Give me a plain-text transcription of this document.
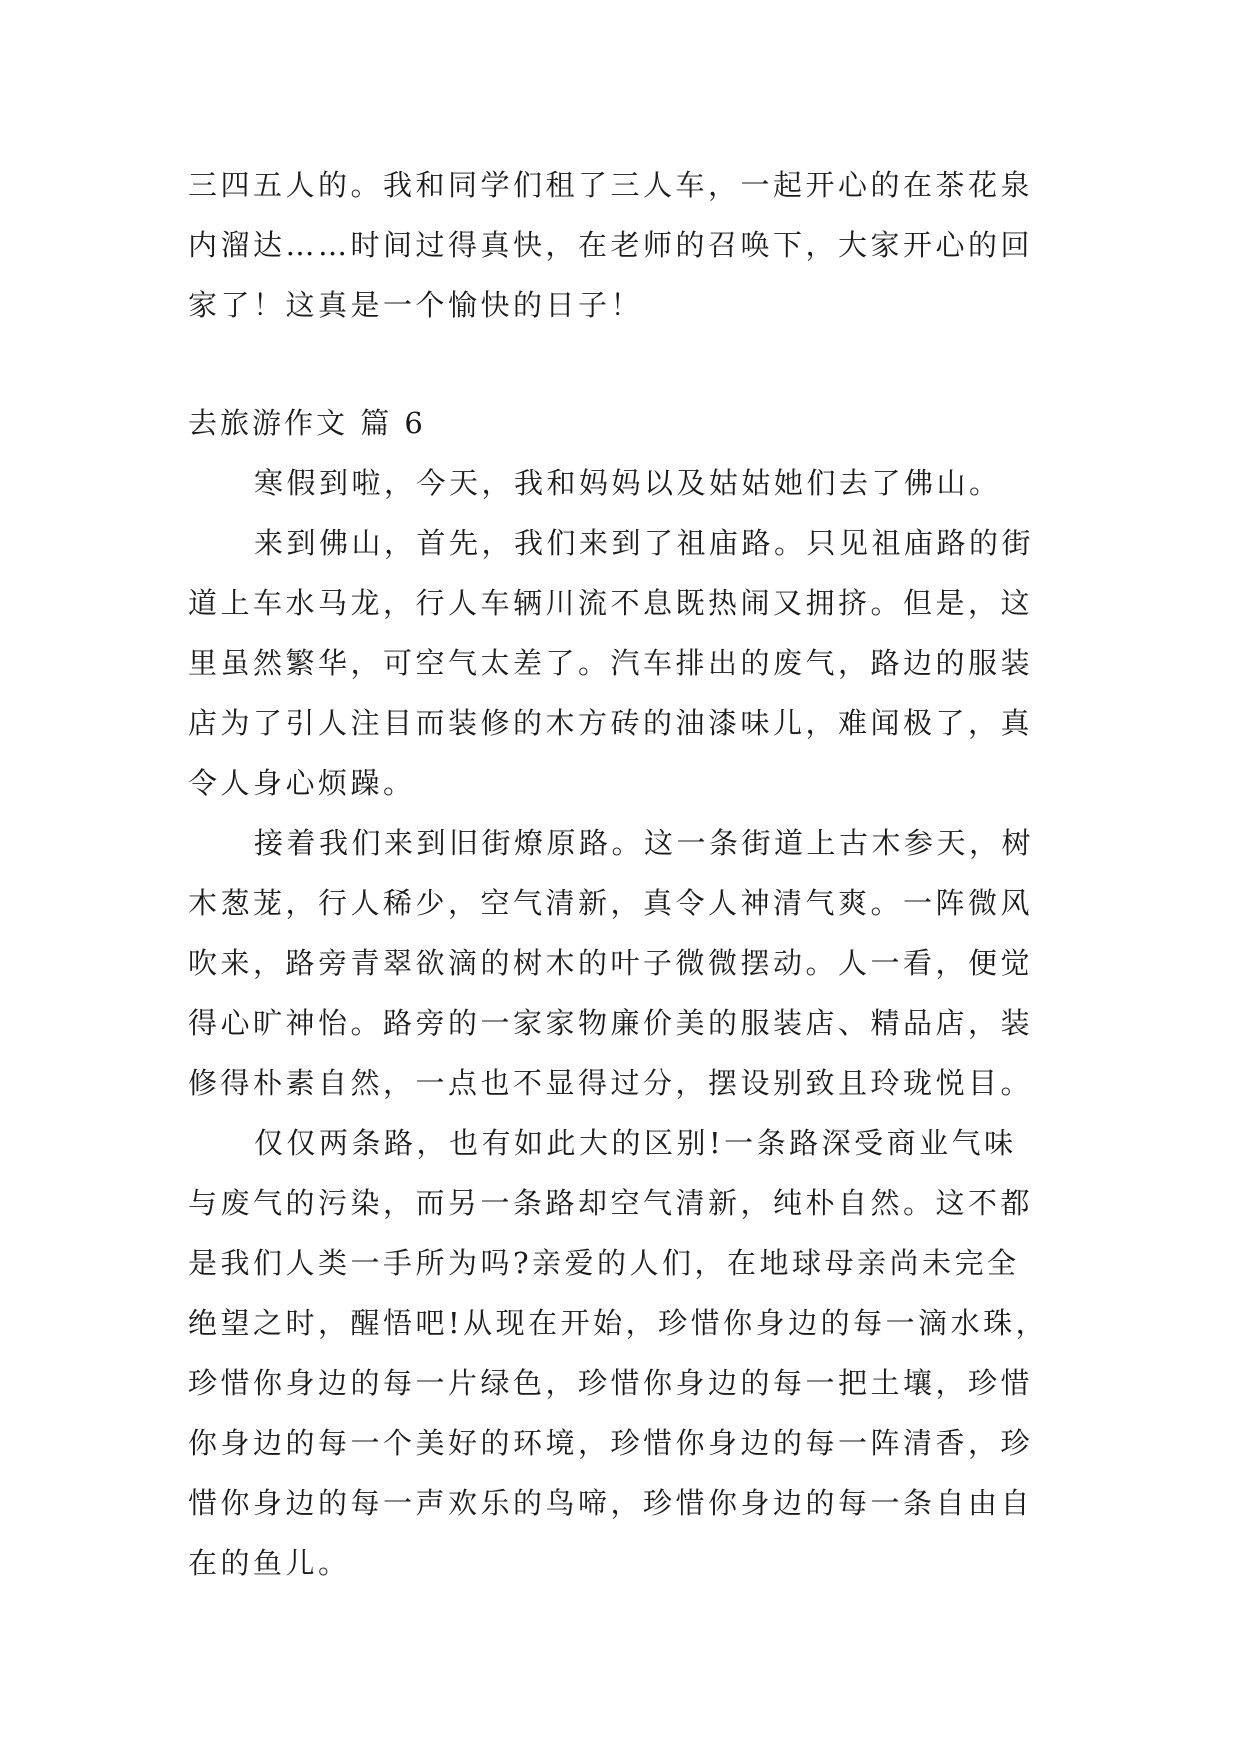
三四五人的。我和同学们租了三人车，一起开心的在茶花泉
内溜达……时间过得真快，在老师的召唤下，大家开心的回
家了！这真是一个愉快的日子！
去旅游作文 篇 6
寒假到啦，今天，我和妈妈以及姑姑她们去了佛山。
来到佛山，首先，我们来到了祖庙路。只见祖庙路的街
道上车水马龙，行人车辆川流不息既热闹又拥挤。但是，这
里虽然繁华，可空气太差了。汽车排出的废气，路边的服装
店为了引人注目而装修的木方砖的油漆味儿，难闻极了，真
令人身心烦躁。
接着我们来到旧街燎原路。这一条街道上古木参天，树
木葱茏，行人稀少，空气清新，真令人神清气爽。一阵微风
吹来，路旁青翠欲滴的树木的叶子微微摆动。人一看，便觉
得心旷神怡。路旁的一家家物廉价美的服装店、精品店，装
修得朴素自然，一点也不显得过分，摆设别致且玲珑悦目。
仅仅两条路，也有如此大的区别!一条路深受商业气味
与废气的污染，而另一条路却空气清新，纯朴自然。这不都
是我们人类一手所为吗?亲爱的人们，在地球母亲尚未完全
绝望之时，醒悟吧!从现在开始，珍惜你身边的每一滴水珠，
珍惜你身边的每一片绿色，珍惜你身边的每一把土壤，珍惜
你身边的每一个美好的环境，珍惜你身边的每一阵清香，珍
惜你身边的每一声欢乐的鸟啼，珍惜你身边的每一条自由自
在的鱼儿。
